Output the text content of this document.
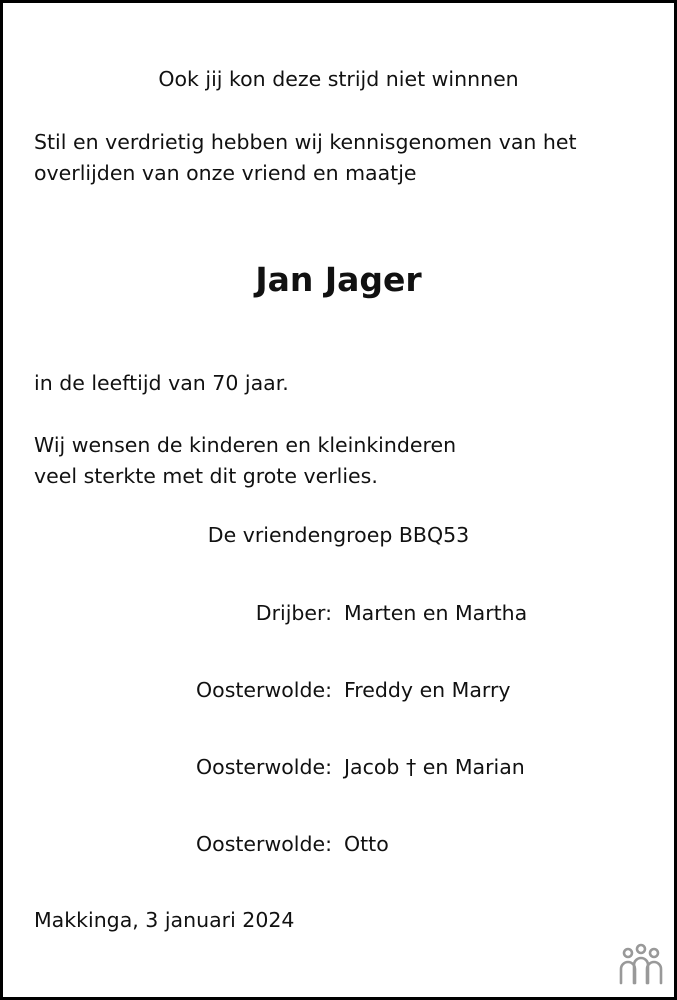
Ook jij kon deze strijd niet winnnen
Stil en verdrietig hebben wij kennisgenomen van het
overlijden van onze vriend en maatje
Jan Jager
in de leeftijd van 70 jaar.
Wij wensen de kinderen en kleinkinderen
veel sterkte met dit grote verlies.
De vriendengroep BBQ53
Drijber: Marten en Martha
Oosterwolde: Freddy en Marry
Oosterwolde: Jacob † en Marian
Oosterwolde: Otto
Makkinga, 3 januari 2024
